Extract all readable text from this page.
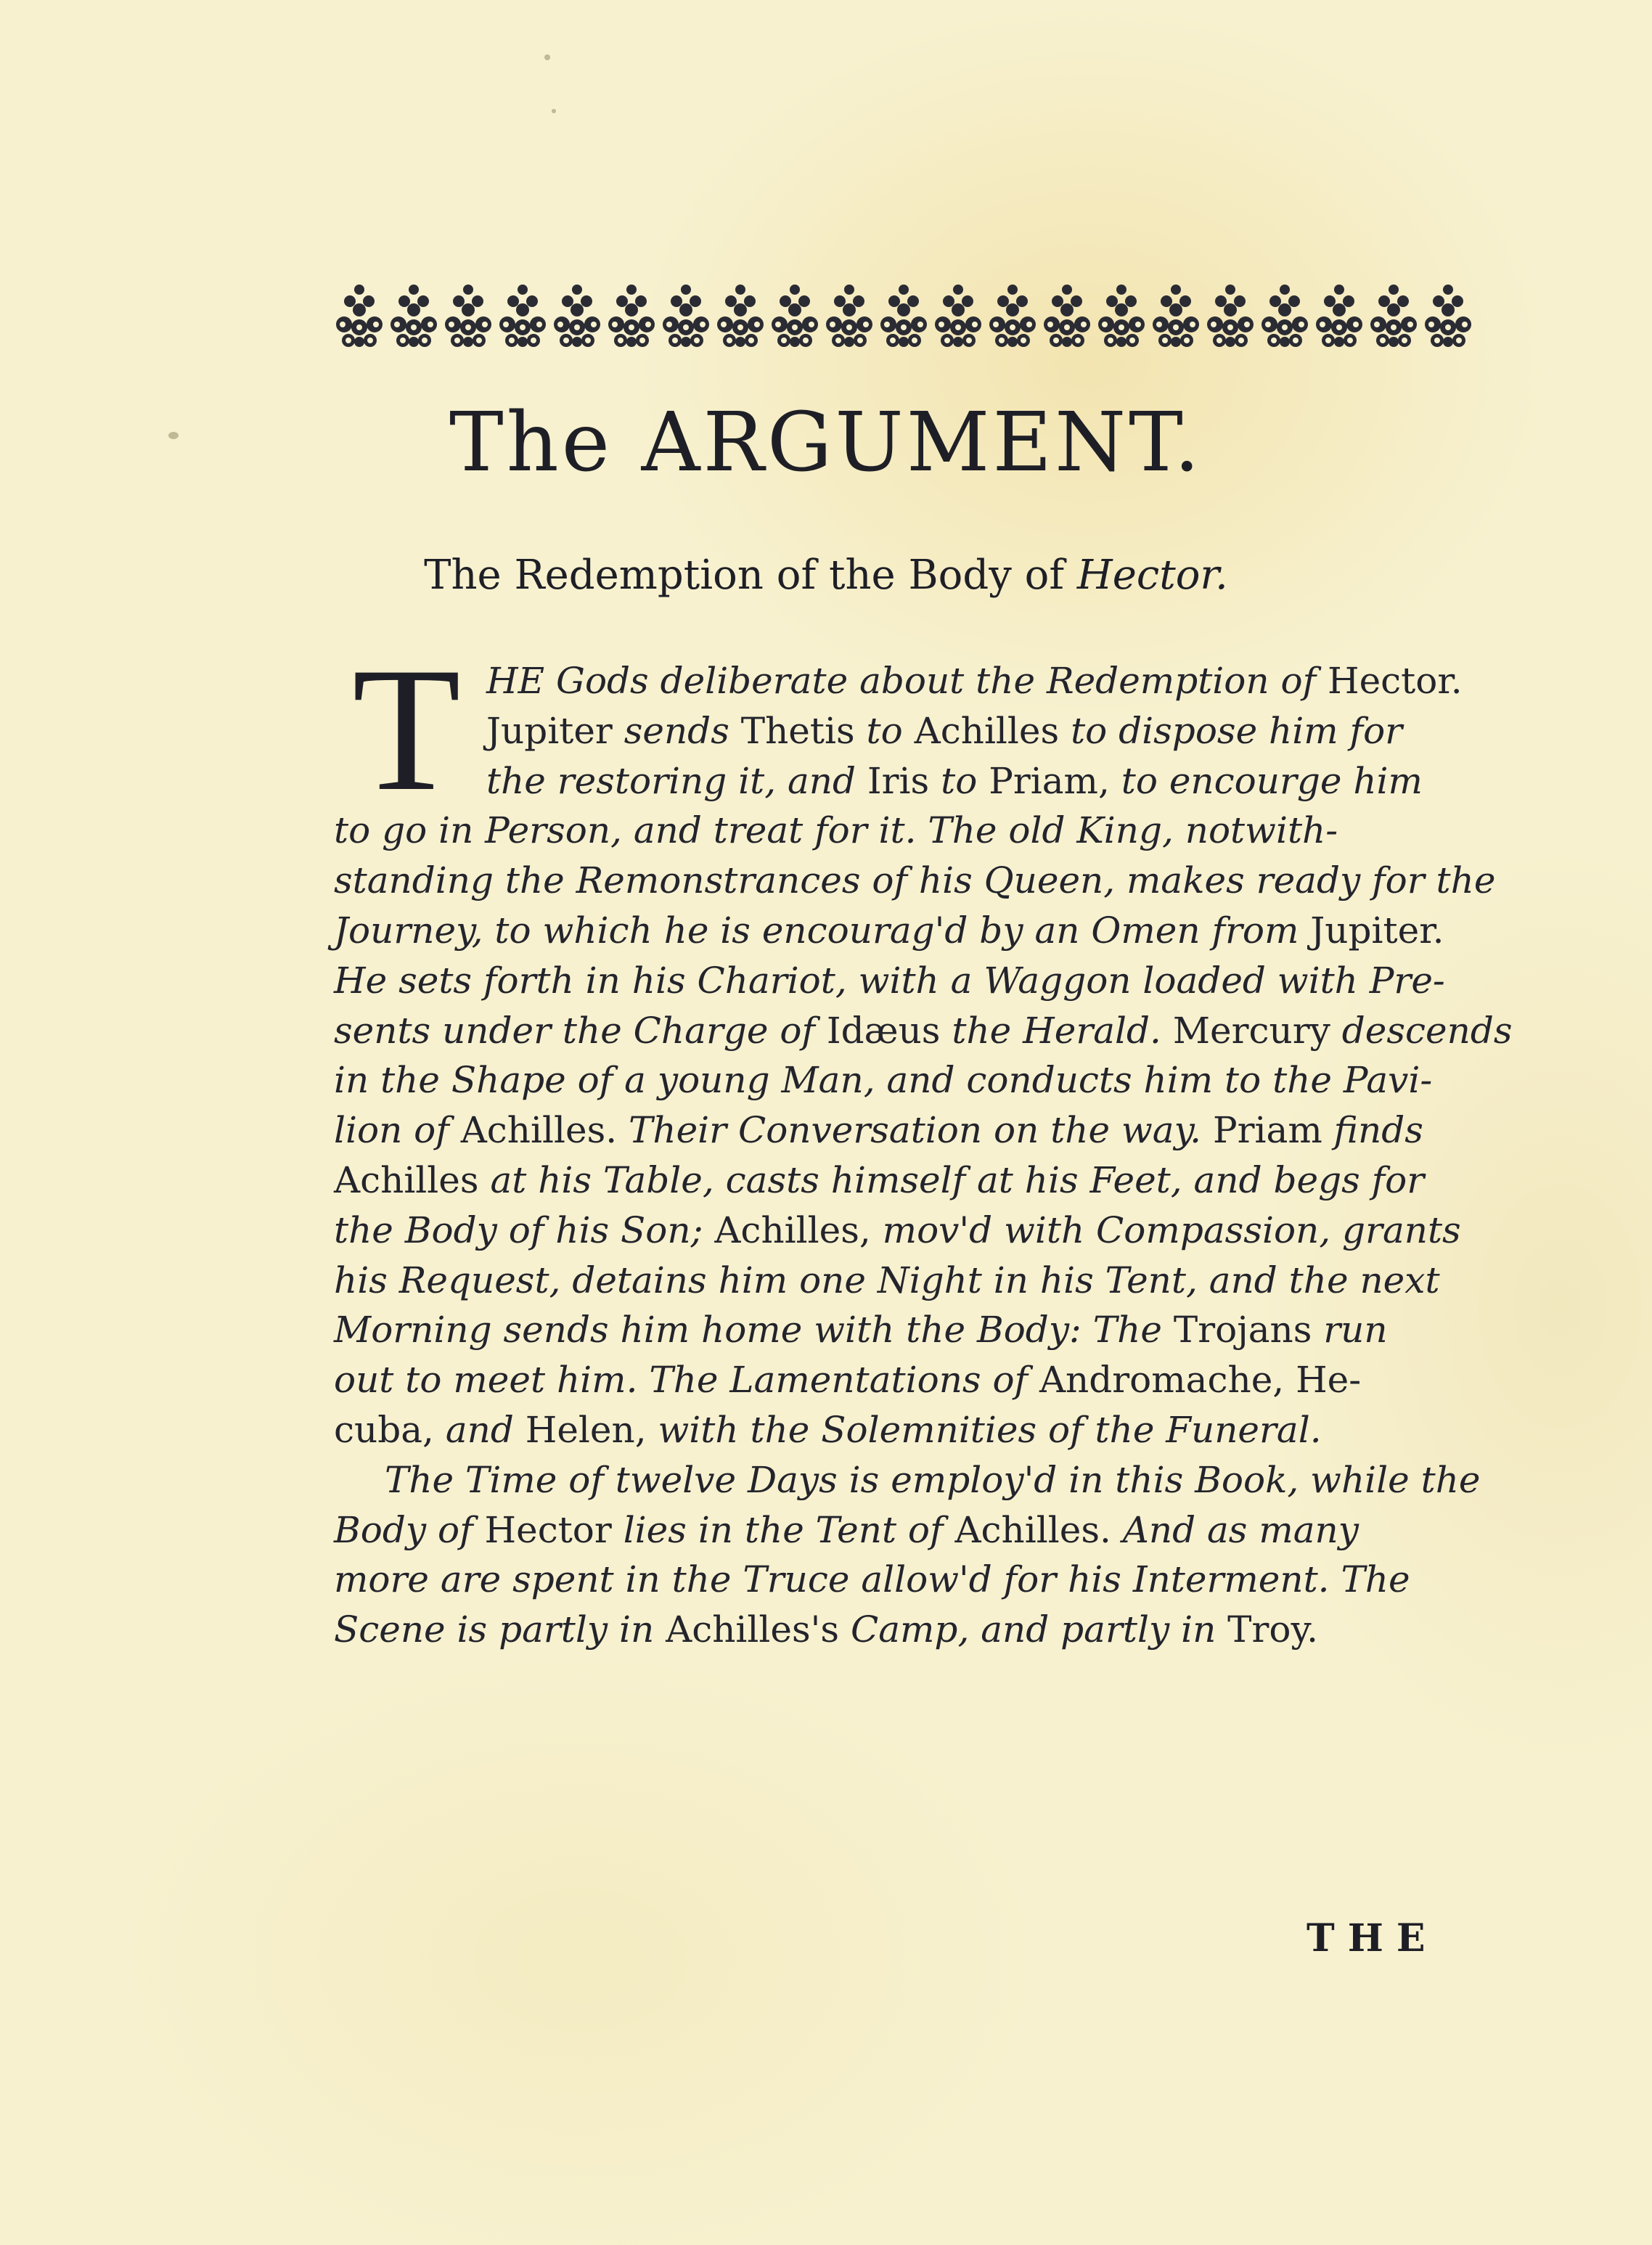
The ARGUMENT.
The Redemption of the Body of Hector.
T HE Gods deliberate about the Redemption of Hector.
Jupiter sends Thetis to Achilles to dispose him for
the restoring it, and Iris to Priam, to encourge him
to go in Person, and treat for it. The old King, notwith-
standing the Remonstrances of his Queen, makes ready for the
Journey, to which he is encourag'd by an Omen from Jupiter.
He sets forth in his Chariot, with a Waggon loaded with Pre-
sents under the Charge of Idæus the Herald. Mercury descends
in the Shape of a young Man, and conducts him to the Pavi-
lion of Achilles. Their Conversation on the way. Priam finds
Achilles at his Table, casts himself at his Feet, and begs for
the Body of his Son; Achilles, mov'd with Compassion, grants
his Request, detains him one Night in his Tent, and the next
Morning sends him home with the Body: The Trojans run
out to meet him. The Lamentations of Andromache, He-
cuba, and Helen, with the Solemnities of the Funeral.
The Time of twelve Days is employ'd in this Book, while the
Body of Hector lies in the Tent of Achilles. And as many
more are spent in the Truce allow'd for his Interment. The
Scene is partly in Achilles's Camp, and partly in Troy.
THE
